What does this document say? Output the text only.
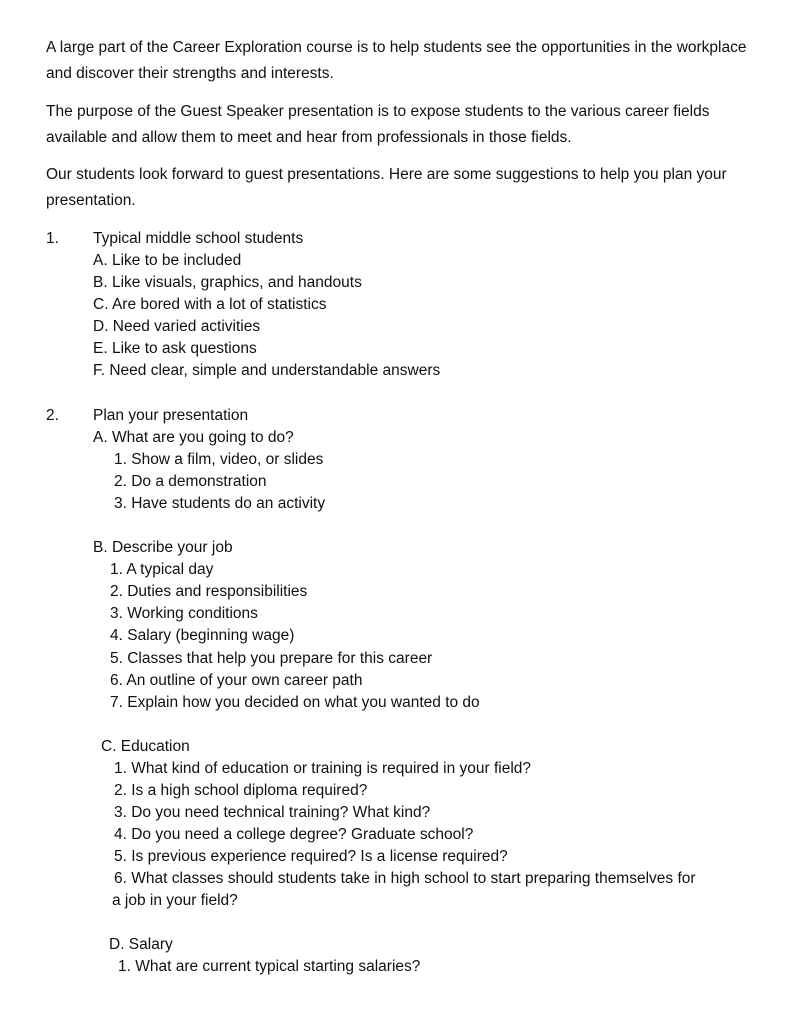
A large part of the Career Exploration course is to help students see the opportunities in the workplace and discover their strengths and interests.

The purpose of the Guest Speaker presentation is to expose students to the various career fields available and allow them to meet and hear from professionals in those fields.

Our students look forward to guest presentations. Here are some suggestions to help you plan your presentation.

1. Typical middle school students
A. Like to be included
B. Like visuals, graphics, and handouts
C. Are bored with a lot of statistics
D. Need varied activities
E. Like to ask questions
F. Need clear, simple and understandable answers
2. Plan your presentation
A. What are you going to do?
1. Show a film, video, or slides
2. Do a demonstration
3. Have students do an activity
B. Describe your job
1. A typical day
2. Duties and responsibilities
3. Working conditions
4. Salary (beginning wage)
5. Classes that help you prepare for this career
6. An outline of your own career path
7. Explain how you decided on what you wanted to do
C. Education
1. What kind of education or training is required in your field?
2. Is a high school diploma required?
3. Do you need technical training? What kind?
4. Do you need a college degree? Graduate school?
5. Is previous experience required? Is a license required?
6. What classes should students take in high school to start preparing themselves for
a job in your field?
D. Salary
1. What are current typical starting salaries?
